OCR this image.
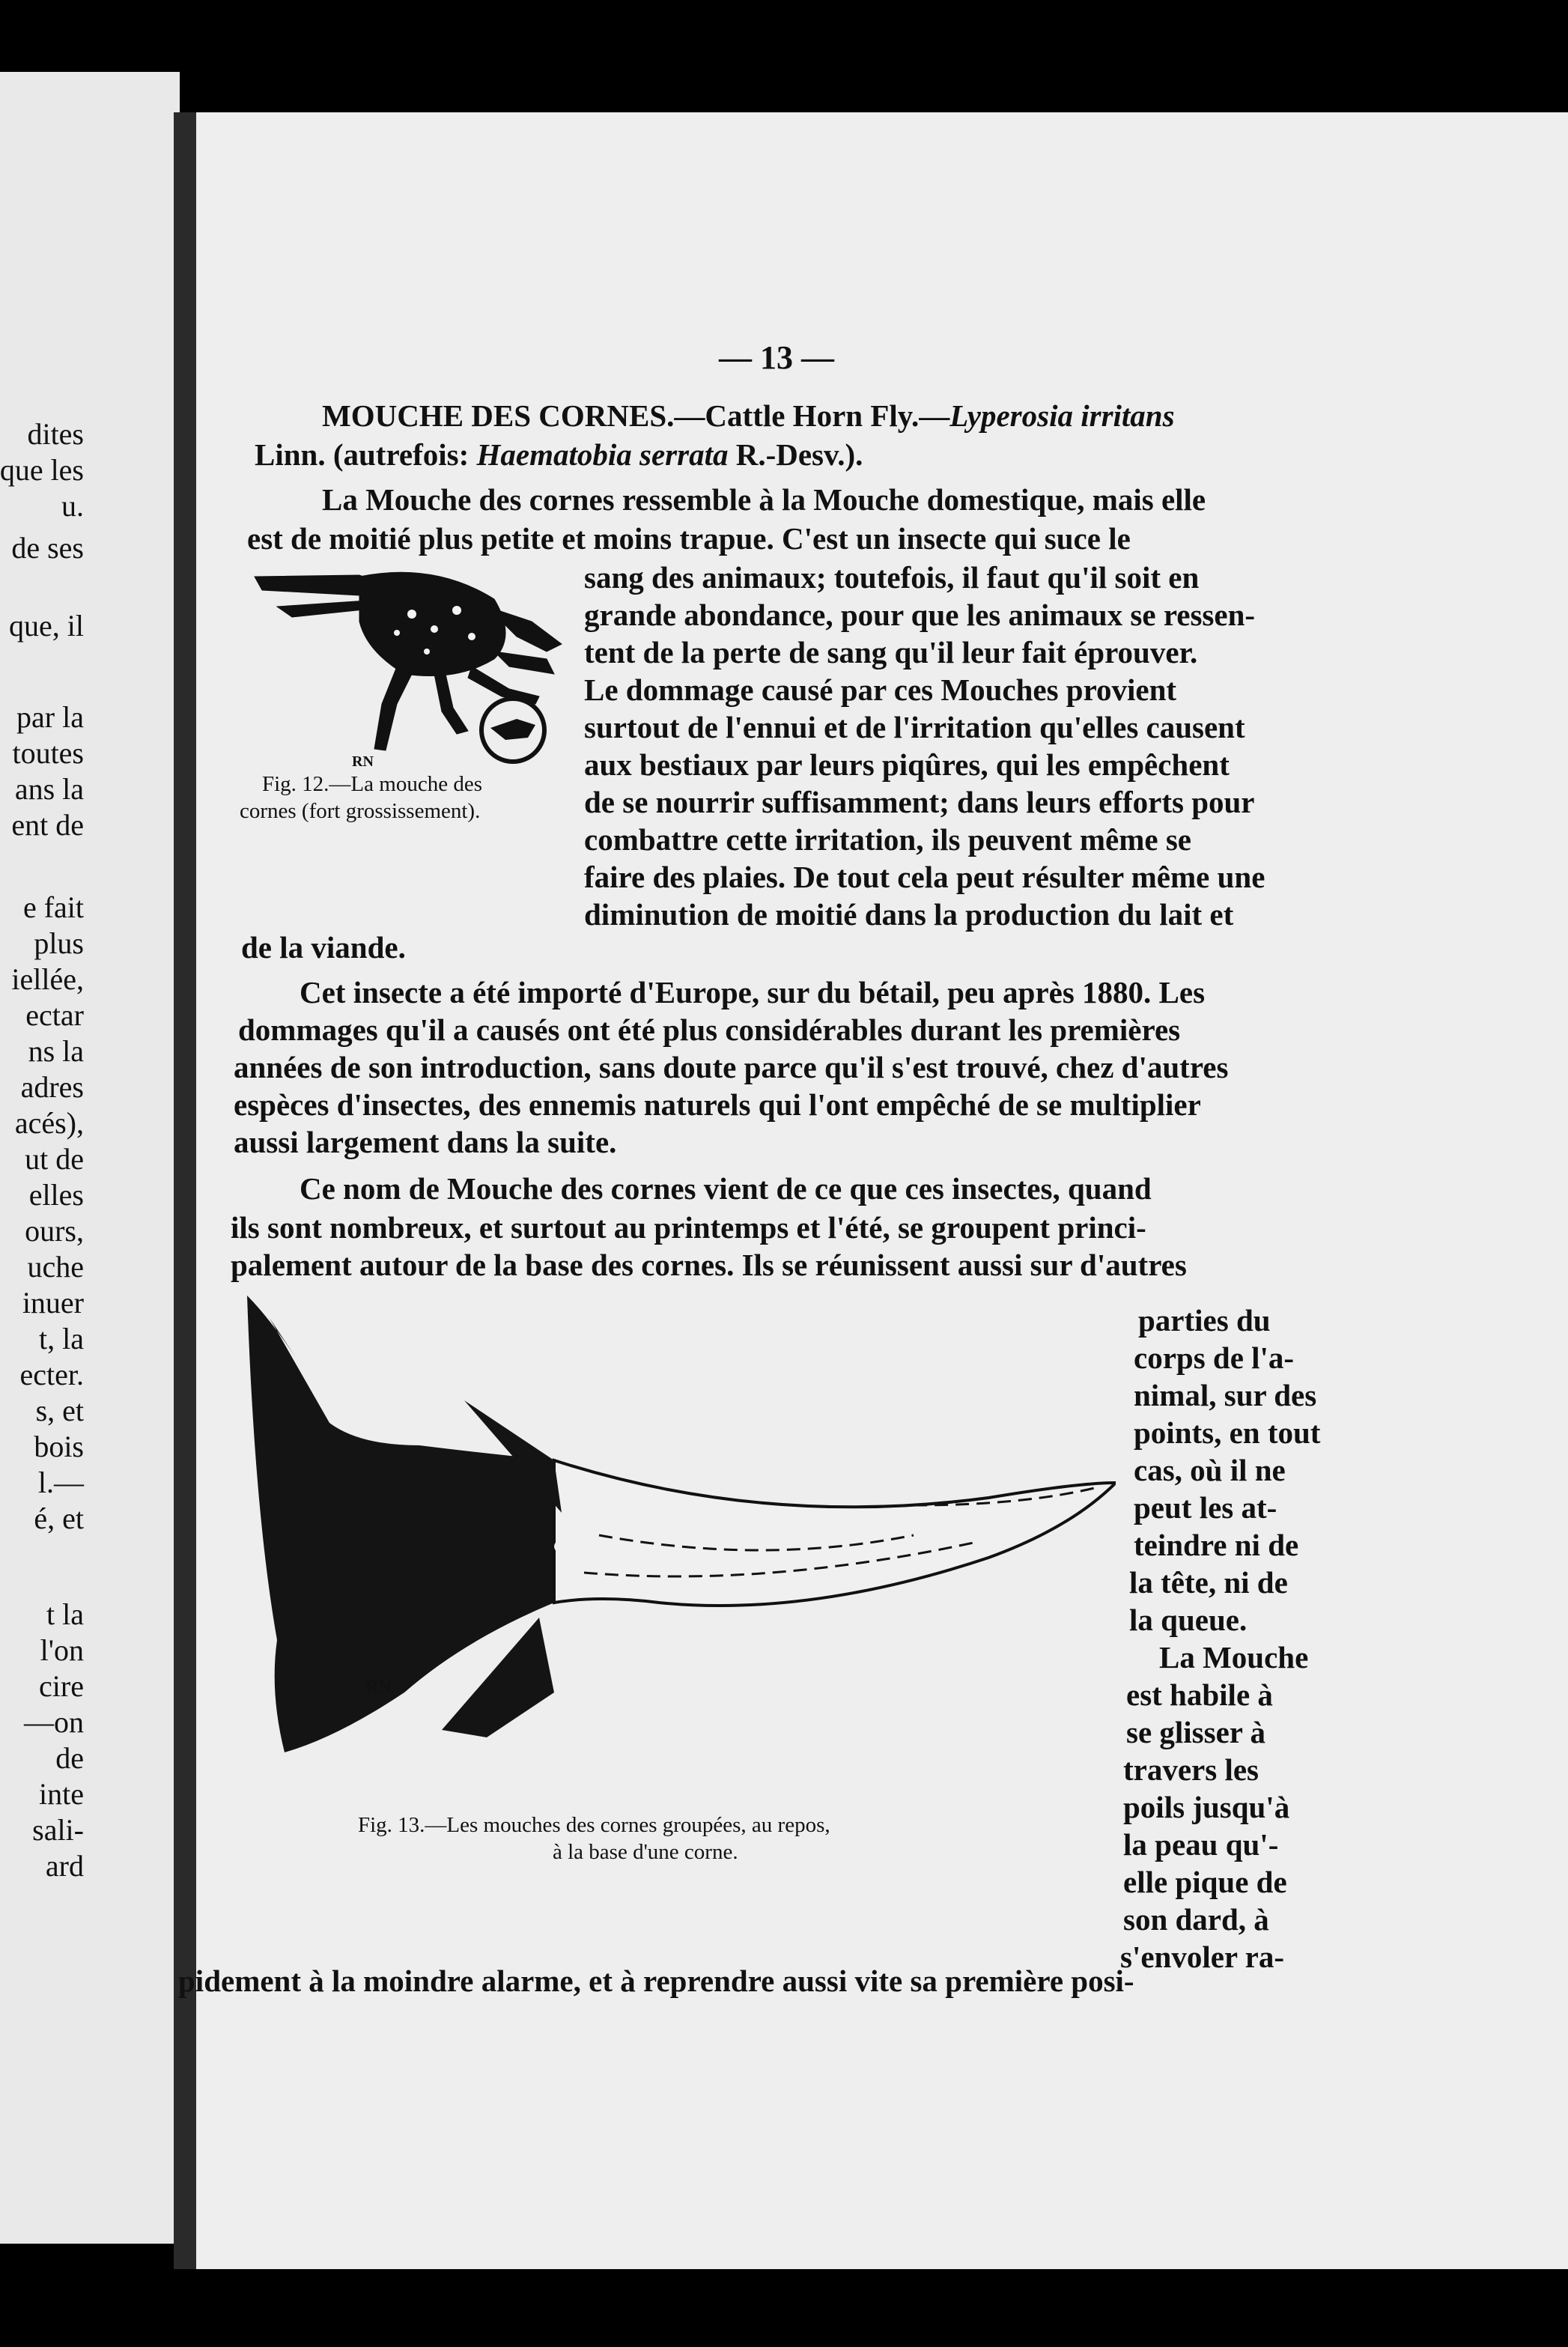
dites
que les
u.
de ses
que, il
par la
toutes
ans la
ent de
e fait
plus
iellée,
ectar
ns la
adres
acés),
ut de
elles
ours,
uche
inuer
t, la
ecter.
s, et
bois
l.—
é, et
t la
l'on
cire
—on
de
inte
sali-
ard
— 13 —
MOUCHE DES CORNES.—Cattle Horn Fly.—Lyperosia irritans
Linn. (autrefois: Haematobia serrata R.-Desv.).
La Mouche des cornes ressemble à la Mouche domestique, mais elle
est de moitié plus petite et moins trapue. C'est un insecte qui suce le
sang des animaux; toutefois, il faut qu'il soit en
grande abondance, pour que les animaux se ressen-
tent de la perte de sang qu'il leur fait éprouver.
Le dommage causé par ces Mouches provient
surtout de l'ennui et de l'irritation qu'elles causent
aux bestiaux par leurs piqûres, qui les empêchent
de se nourrir suffisamment; dans leurs efforts pour
combattre cette irritation, ils peuvent même se
faire des plaies. De tout cela peut résulter même une
diminution de moitié dans la production du lait et
de la viande.
Fig. 12.—La mouche des
cornes (fort grossissement).
Cet insecte a été importé d'Europe, sur du bétail, peu après 1880. Les
dommages qu'il a causés ont été plus considérables durant les premières
années de son introduction, sans doute parce qu'il s'est trouvé, chez d'autres
espèces d'insectes, des ennemis naturels qui l'ont empêché de se multiplier
aussi largement dans la suite.
Ce nom de Mouche des cornes vient de ce que ces insectes, quand
ils sont nombreux, et surtout au printemps et l'été, se groupent princi-
palement autour de la base des cornes. Ils se réunissent aussi sur d'autres
RN
Fig. 13.—Les mouches des cornes groupées, au repos,
à la base d'une corne.
parties du
corps de l'a-
nimal, sur des
points, en tout
cas, où il ne
peut les at-
teindre ni de
la tête, ni de
la queue.
La Mouche
est habile à
se glisser à
travers les
poils jusqu'à
la peau qu'-
elle pique de
son dard, à
s'envoler ra-
pidement à la moindre alarme, et à reprendre aussi vite sa première posi-
RN
